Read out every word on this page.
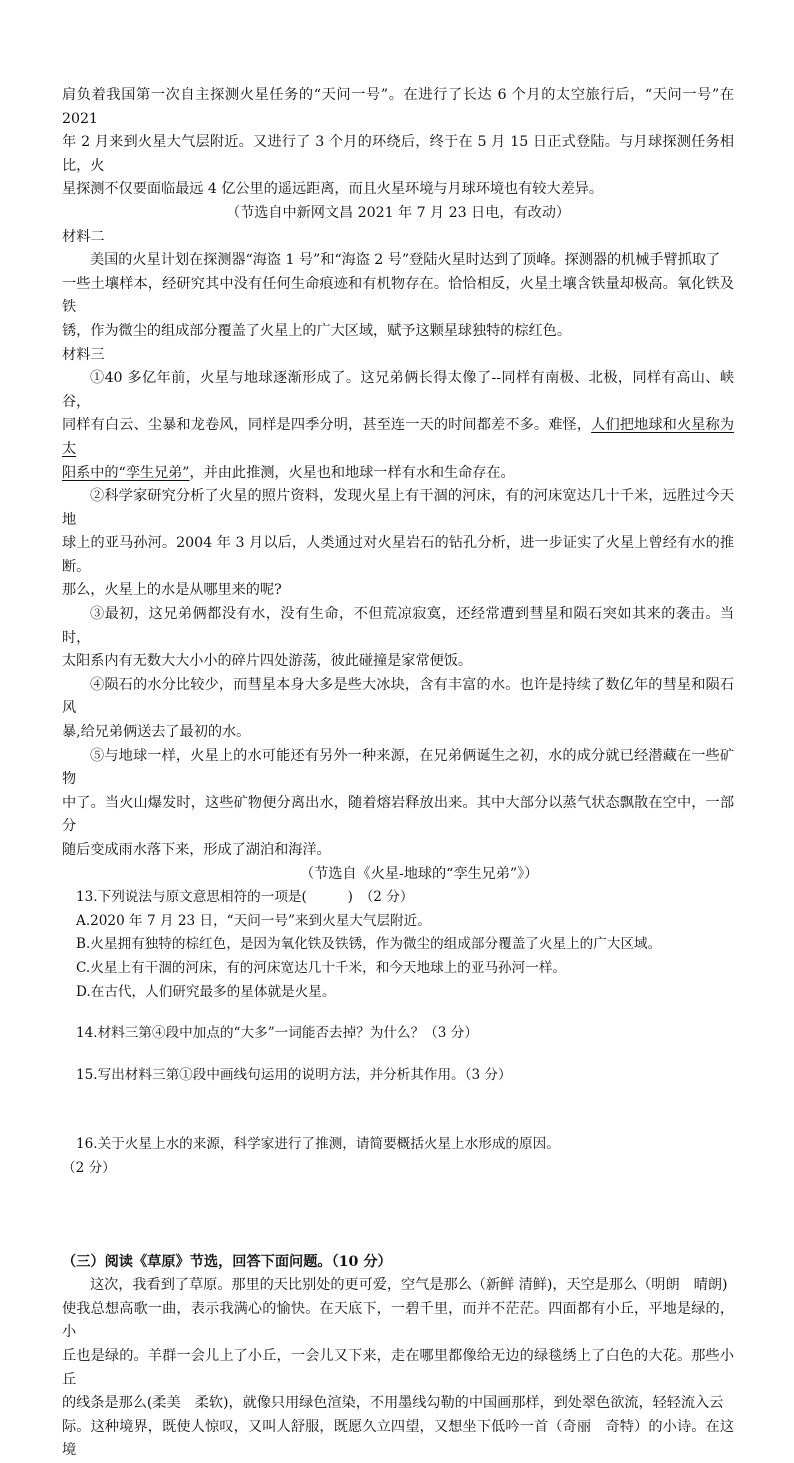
肩负着我国第一次自主探测火星任务的“天问一号”。在进行了长达 6 个月的太空旅行后，“天问一号”在 2021

年 2 月来到火星大气层附近。又进行了 3 个月的环绕后，终于在 5 月 15 日正式登陆。与月球探测任务相比，火

星探测不仅要面临最远 4 亿公里的遥远距离，而且火星环境与月球环境也有较大差异。

（节选自中新网文昌 2021 年 7 月 23 日电，有改动）

材料二

美国的火星计划在探测器“海盗 1 号”和“海盗 2 号”登陆火星时达到了顶峰。探测器的机械手臂抓取了

一些土壤样本，经研究其中没有任何生命痕迹和有机物存在。恰恰相反，火星土壤含铁量却极高。氧化铁及铁

锈，作为微尘的组成部分覆盖了火星上的广大区域，赋予这颗星球独特的棕红色。

材料三

①40 多亿年前，火星与地球逐渐形成了。这兄弟俩长得太像了--同样有南极、北极，同样有高山、峡谷，

同样有白云、尘暴和龙卷风，同样是四季分明，甚至连一天的时间都差不多。难怪，人们把地球和火星称为太

阳系中的“孪生兄弟”，并由此推测，火星也和地球一样有水和生命存在。

②科学家研究分析了火星的照片资料，发现火星上有干涸的河床，有的河床宽达几十千米，远胜过今天地

球上的亚马孙河。2004 年 3 月以后，人类通过对火星岩石的钻孔分析，进一步证实了火星上曾经有水的推断。

那么，火星上的水是从哪里来的呢?

③最初，这兄弟俩都没有水，没有生命，不但荒凉寂寞，还经常遭到彗星和陨石突如其来的袭击。当时，

太阳系内有无数大大小小的碎片四处游荡，彼此碰撞是家常便饭。

④陨石的水分比较少，而彗星本身大多是些大冰块，含有丰富的水。也许是持续了数亿年的彗星和陨石风

暴,给兄弟俩送去了最初的水。

⑤与地球一样，火星上的水可能还有另外一种来源，在兄弟俩诞生之初，水的成分就已经潜藏在一些矿物

中了。当火山爆发时，这些矿物便分离出水，随着熔岩释放出来。其中大部分以蒸气状态飘散在空中，一部分

随后变成雨水落下来，形成了湖泊和海洋。

（节选自《火星-地球的“孪生兄弟”》）

13.下列说法与原文意思相符的一项是(　　　)　（2 分）

A.2020 年 7 月 23 日，“天问一号”来到火星大气层附近。

B.火星拥有独特的棕红色，是因为氧化铁及铁锈，作为微尘的组成部分覆盖了火星上的广大区域。

C.火星上有干涸的河床，有的河床宽达几十千米，和今天地球上的亚马孙河一样。

D.在古代，人们研究最多的星体就是火星。

14.材料三第④段中加点的“大多”一词能否去掉？为什么？（3 分）

15.写出材料三第①段中画线句运用的说明方法，并分析其作用。（3 分）

16.关于火星上水的来源，科学家进行了推测，请简要概括火星上水形成的原因。

（2 分）

（三）阅读《草原》节选，回答下面问题。（10 分）

这次，我看到了草原。那里的天比别处的更可爱，空气是那么（新鲜 清鲜)，天空是那么（明朗　晴朗)

使我总想高歌一曲，表示我满心的愉快。在天底下，一碧千里，而并不茫茫。四面都有小丘，平地是绿的，小

丘也是绿的。羊群一会儿上了小丘，一会儿又下来，走在哪里都像给无边的绿毯绣上了白色的大花。那些小丘

的线条是那么(柔美　柔软)，就像只用绿色渲染，不用墨线勾勒的中国画那样，到处翠色欲流，轻轻流入云

际。这种境界，既使人惊叹，又叫人舒服，既愿久立四望，又想坐下低吟一首（奇丽　奇特）的小诗。在这境
